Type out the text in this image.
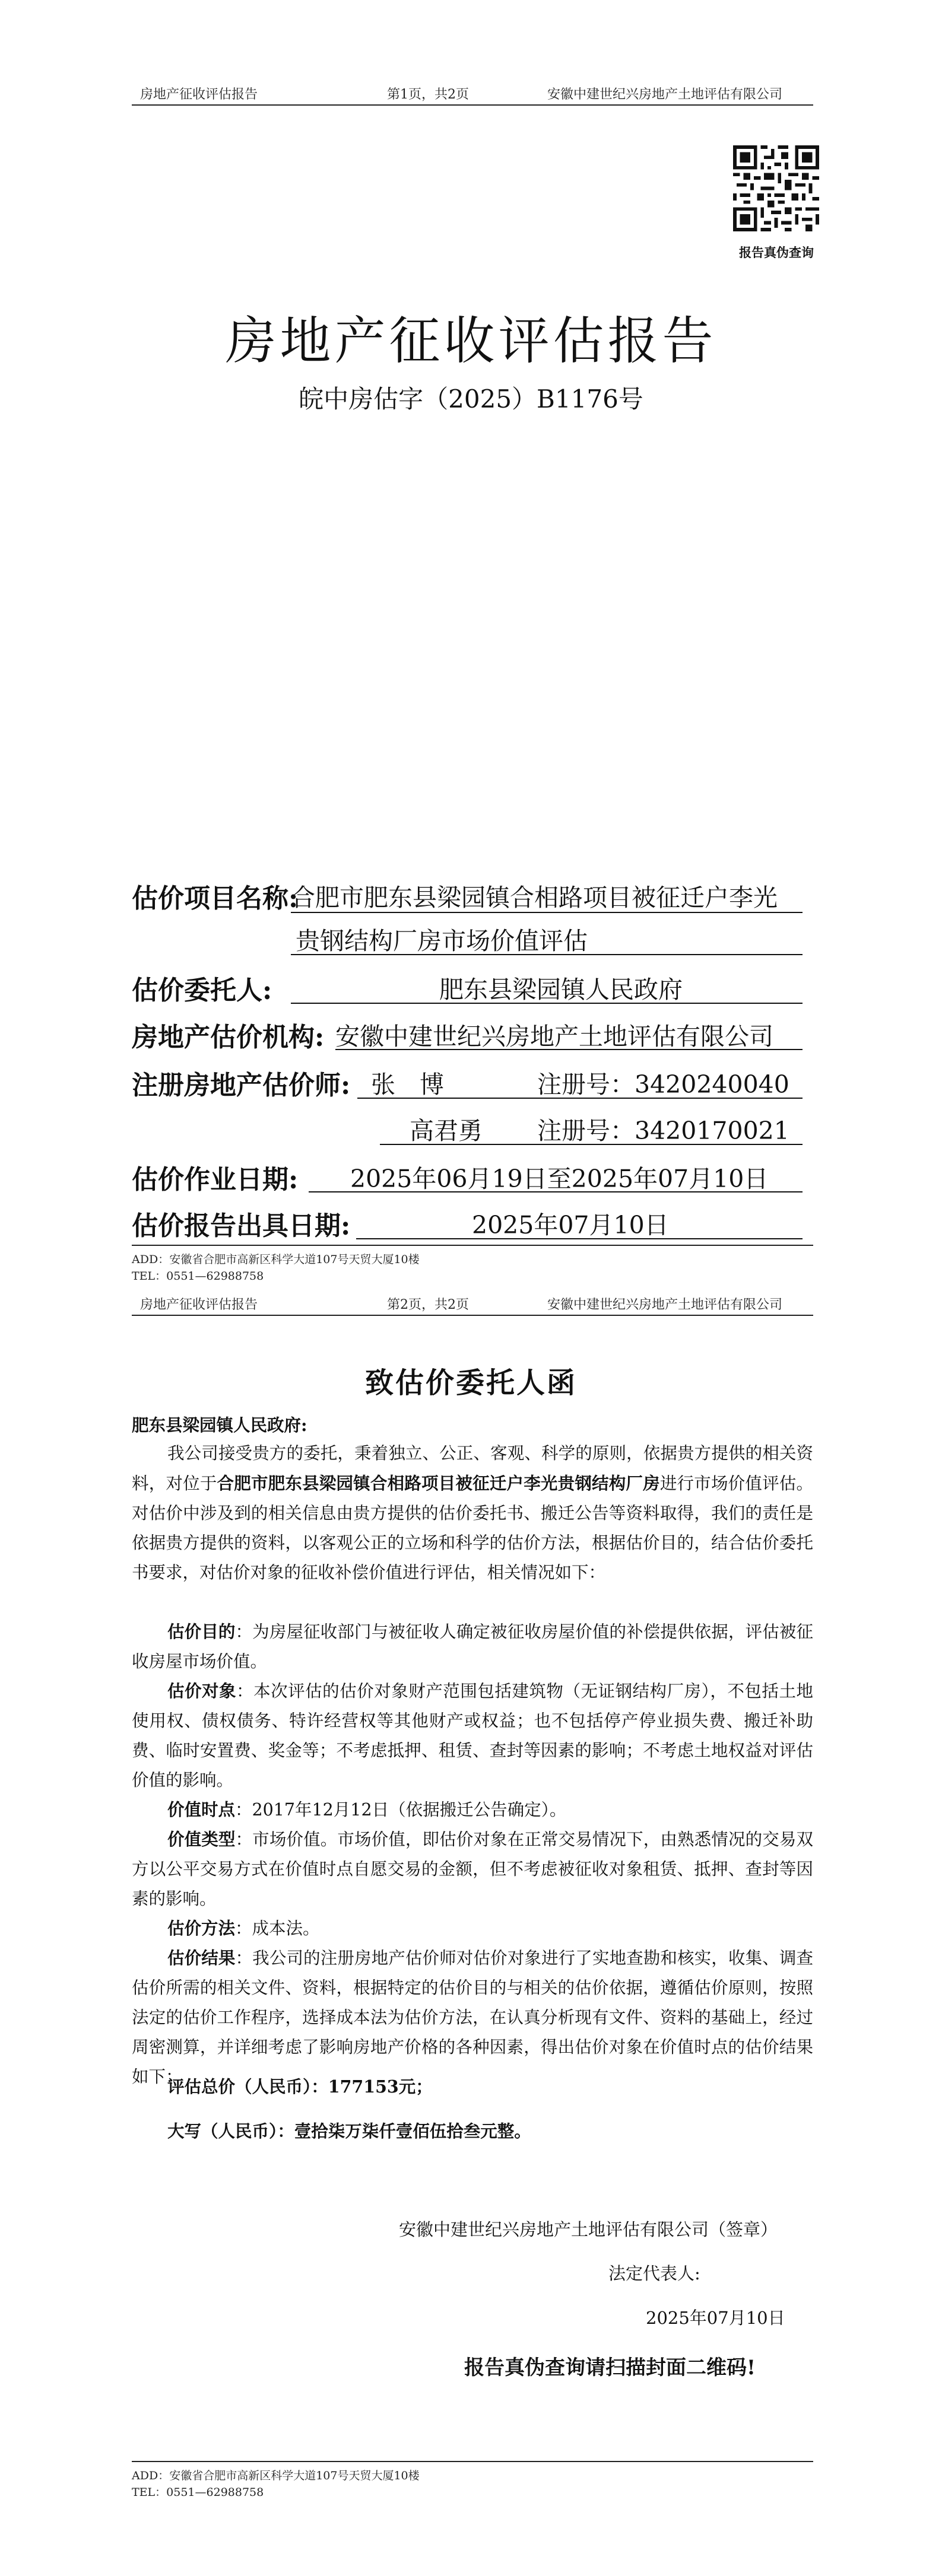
房地产征收评估报告	第1页，共2页	安徽中建世纪兴房地产土地评估有限公司
报告真伪查询
房地产征收评估报告
皖中房估字（2025）B1176号
估价项目名称:
合肥市肥东县梁园镇合相路项目被征迁户李光
贵钢结构厂房市场价值评估
估价委托人:	肥东县梁园镇人民政府
房地产估价机构: 安徽中建世纪兴房地产土地评估有限公司
注册房地产估价师: 张　博	注册号：3420240040
高君勇 注册号：3420170021
估价作业日期: 2025年06月19日至2025年07月10日
估价报告出具日期:	2025年07月10日
ADD：安徽省合肥市高新区科学大道107号天贸大厦10楼
TEL：0551—62988758
房地产征收评估报告	第2页，共2页	安徽中建世纪兴房地产土地评估有限公司
致估价委托人函
肥东县梁园镇人民政府:
我公司接受贵方的委托，秉着独立、公正、客观、科学的原则，依据贵方提供的相关资料，对位于合肥市肥东县梁园镇合相路项目被征迁户李光贵钢结构厂房进行市场价值评估。对估价中涉及到的相关信息由贵方提供的估价委托书、搬迁公告等资料取得，我们的责任是依据贵方提供的资料，以客观公正的立场和科学的估价方法，根据估价目的，结合估价委托书要求，对估价对象的征收补偿价值进行评估，相关情况如下：
估价目的：为房屋征收部门与被征收人确定被征收房屋价值的补偿提供依据，评估被征收房屋市场价值。
估价对象：本次评估的估价对象财产范围包括建筑物（无证钢结构厂房），不包括土地使用权、债权债务、特许经营权等其他财产或权益；也不包括停产停业损失费、搬迁补助费、临时安置费、奖金等；不考虑抵押、租赁、查封等因素的影响；不考虑土地权益对评估价值的影响。
价值时点：2017年12月12日（依据搬迁公告确定）。
价值类型：市场价值。市场价值，即估价对象在正常交易情况下，由熟悉情况的交易双方以公平交易方式在价值时点自愿交易的金额，但不考虑被征收对象租赁、抵押、查封等因素的影响。
估价方法：成本法。
估价结果：我公司的注册房地产估价师对估价对象进行了实地查勘和核实，收集、调查估价所需的相关文件、资料，根据特定的估价目的与相关的估价依据，遵循估价原则，按照法定的估价工作程序，选择成本法为估价方法，在认真分析现有文件、资料的基础上，经过周密测算，并详细考虑了影响房地产价格的各种因素，得出估价对象在价值时点的估价结果如下：
评估总价（人民币）：177153元；
大写（人民币）：壹拾柒万柒仟壹佰伍拾叁元整。
安徽中建世纪兴房地产土地评估有限公司（签章）
法定代表人:
2025年07月10日
报告真伪查询请扫描封面二维码!
ADD：安徽省合肥市高新区科学大道107号天贸大厦10楼
TEL：0551—62988758
